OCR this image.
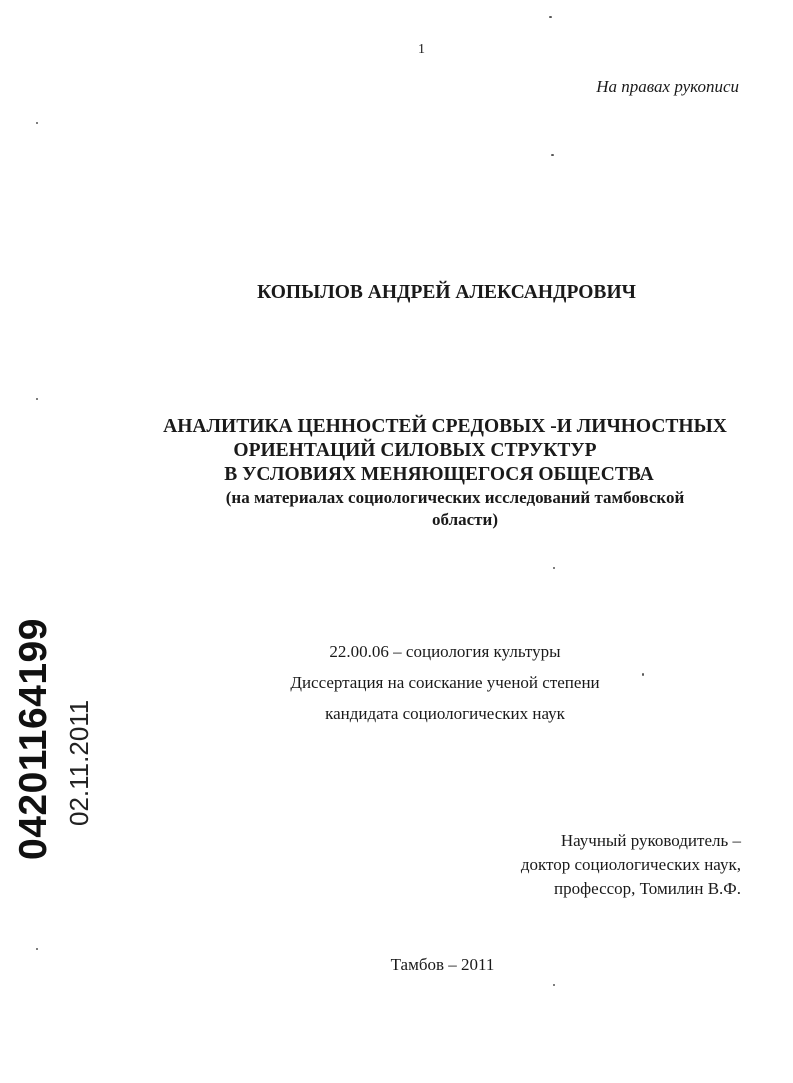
1
На правах рукописи
КОПЫЛОВ АНДРЕЙ АЛЕКСАНДРОВИЧ
АНАЛИТИКА ЦЕННОСТЕЙ СРЕДОВЫХ -И ЛИЧНОСТНЫХ
ОРИЕНТАЦИЙ СИЛОВЫХ СТРУКТУР
В УСЛОВИЯХ МЕНЯЮЩЕГОСЯ ОБЩЕСТВА
(на материалах социологических исследований тамбовской
области)
22.00.06 – социология культуры
Диссертация на соискание ученой степени
кандидата социологических наук
Научный руководитель –
доктор социологических наук,
профессор, Томилин В.Ф.
Тамбов – 2011
04201164199 02.11.2011
